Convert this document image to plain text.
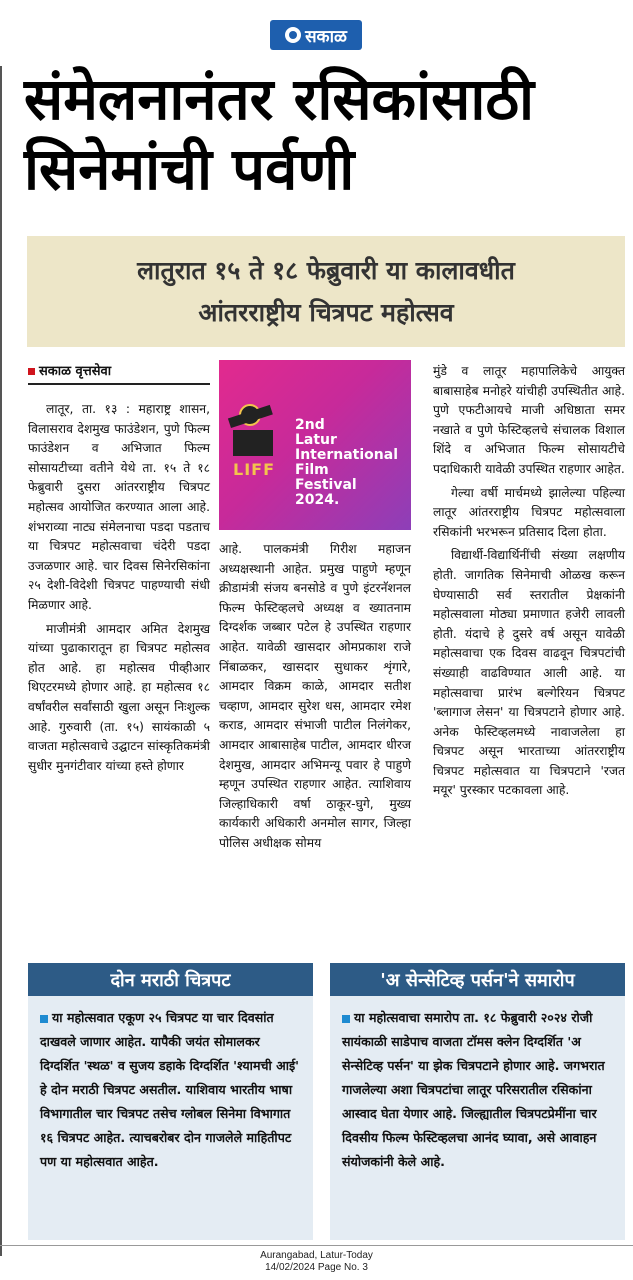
सकाळ
संमेलनानंतर रसिकांसाठी
सिनेमांची पर्वणी
लातुरात १५ ते १८ फेब्रुवारी या कालावधीत
आंतरराष्ट्रीय चित्रपट महोत्सव
सकाळ वृत्तसेवा
LIFF
2nd
Latur
International
Film
Festival
2024.

लातूर, ता. १३ : महाराष्ट्र शासन, विलासराव देशमुख फाउंडेशन, पुणे फिल्म फाउंडेशन व अभिजात फिल्म सोसायटीच्या वतीने येथे ता. १५ ते १८ फेब्रुवारी दुसरा आंतरराष्ट्रीय चित्रपट महोत्सव आयोजित करण्यात आला आहे. शंभराव्या नाट्य संमेलनाचा पडदा पडताच या चित्रपट महोत्सवाचा चंदेरी पडदा उजळणार आहे. चार दिवस सिनेरसिकांना २५ देशी-विदेशी चित्रपट पाहण्याची संधी मिळणार आहे.

माजीमंत्री आमदार अमित देशमुख यांच्या पुढाकारातून हा चित्रपट महोत्सव होत आहे. हा महोत्सव पीव्हीआर थिएटरमध्ये होणार आहे. हा महोत्सव १८ वर्षांवरील सर्वांसाठी खुला असून निःशुल्क आहे. गुरुवारी (ता. १५) सायंकाळी ५ वाजता महोत्सवाचे उद्घाटन सांस्कृतिकमंत्री सुधीर मुनगंटीवार यांच्या हस्ते होणार

आहे. पालकमंत्री गिरीश महाजन अध्यक्षस्थानी आहेत. प्रमुख पाहुणे म्हणून क्रीडामंत्री संजय बनसोडे व पुणे इंटरनॅशनल फिल्म फेस्टिव्हलचे अध्यक्ष व ख्यातनाम दिग्दर्शक जब्बार पटेल हे उपस्थित राहणार आहेत. यावेळी खासदार ओमप्रकाश राजे निंबाळकर, खासदार सुधाकर शृंगारे, आमदार विक्रम काळे, आमदार सतीश चव्हाण, आमदार सुरेश धस, आमदार रमेश कराड, आमदार संभाजी पाटील निलंगेकर, आमदार आबासाहेब पाटील, आमदार धीरज देशमुख, आमदार अभिमन्यू पवार हे पाहुणे म्हणून उपस्थित राहणार आहेत. त्याशिवाय जिल्हाधिकारी वर्षा ठाकूर-घुगे, मुख्य कार्यकारी अधिकारी अनमोल सागर, जिल्हा पोलिस अधीक्षक सोमय

मुंडे व लातूर महापालिकेचे आयुक्त बाबासाहेब मनोहरे यांचीही उपस्थितीत आहे. पुणे एफटीआयचे माजी अधिष्ठाता समर नखाते व पुणे फेस्टिव्हलचे संचालक विशाल शिंदे व अभिजात फिल्म सोसायटीचे पदाधिकारी यावेळी उपस्थित राहणार आहेत.

गेल्या वर्षी मार्चमध्ये झालेल्या पहिल्या लातूर आंतरराष्ट्रीय चित्रपट महोत्सवाला रसिकांनी भरभरून प्रतिसाद दिला होता.

विद्यार्थी-विद्यार्थिनींची संख्या लक्षणीय होती. जागतिक सिनेमाची ओळख करून घेण्यासाठी सर्व स्तरातील प्रेक्षकांनी महोत्सवाला मोठ्या प्रमाणात हजेरी लावली होती. यंदाचे हे दुसरे वर्ष असून यावेळी महोत्सवाचा एक दिवस वाढवून चित्रपटांची संख्याही वाढविण्यात आली आहे. या महोत्सवाचा प्रारंभ बल्गेरियन चित्रपट 'ब्लागाज लेसन' या चित्रपटाने होणार आहे. अनेक फेस्टिव्हलमध्ये नावाजलेला हा चित्रपट असून भारताच्या आंतरराष्ट्रीय चित्रपट महोत्सवात या चित्रपटाने 'रजत मयूर' पुरस्कार पटकावला आहे.

दोन मराठी चित्रपट
या महोत्सवात एकूण २५ चित्रपट या चार दिवसांत दाखवले जाणार आहेत. यापैकी जयंत सोमालकर दिग्दर्शित 'स्थळ' व सुजय डहाके दिग्दर्शित 'श्यामची आई' हे दोन मराठी चित्रपट असतील. याशिवाय भारतीय भाषा विभागातील चार चित्रपट तसेच ग्लोबल सिनेमा विभागात १६ चित्रपट आहेत. त्याचबरोबर दोन गाजलेले माहितीपट पण या महोत्सवात आहेत.
'अ सेन्सेटिव्ह पर्सन'ने समारोप
या महोत्सवाचा समारोप ता. १८ फेब्रुवारी २०२४ रोजी सायंकाळी साडेपाच वाजता टॉमस क्लेन दिग्दर्शित 'अ सेन्सेटिव्ह पर्सन' या झेक चित्रपटाने होणार आहे. जगभरात गाजलेल्या अशा चित्रपटांचा लातूर परिसरातील रसिकांना आस्वाद घेता येणार आहे. जिल्ह्यातील चित्रपटप्रेमींना चार दिवसीय फिल्म फेस्टिव्हलचा आनंद घ्यावा, असे आवाहन संयोजकांनी केले आहे.
Aurangabad, Latur-Today
14/02/2024 Page No. 3
